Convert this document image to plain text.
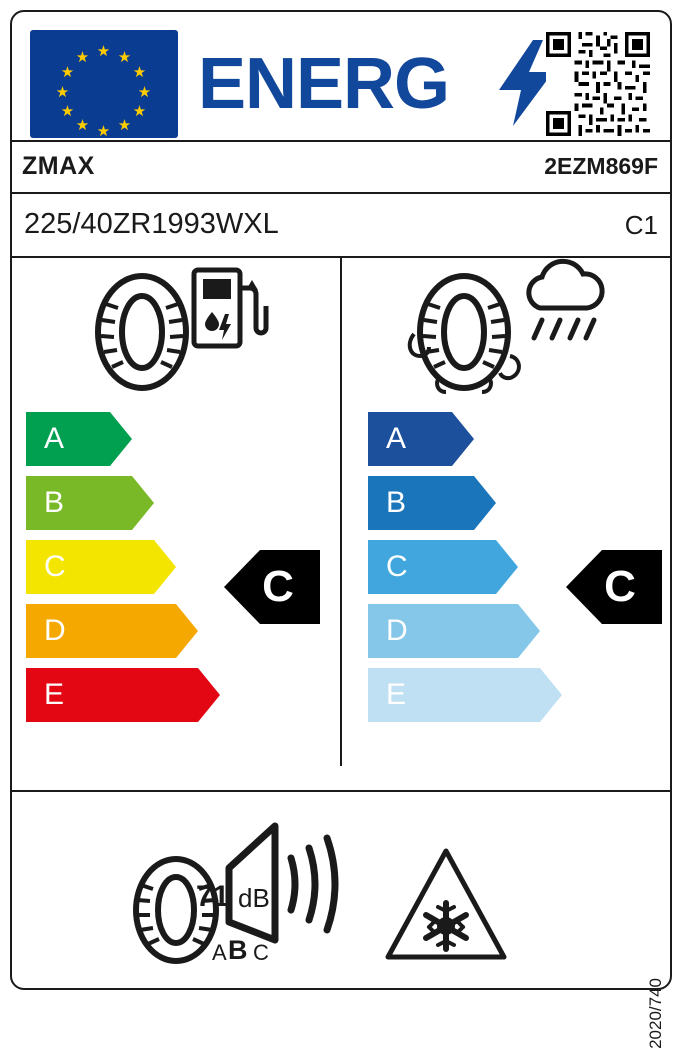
★
★ ★
★	★
★	★
★	★
★ ★
★
ENERG
ZMAX	2EZM869F
225/40ZR1993WXL	C1
A
B
C
D
E
C
A
B
C
D
E
C
71 dB
A B C
2020/740
